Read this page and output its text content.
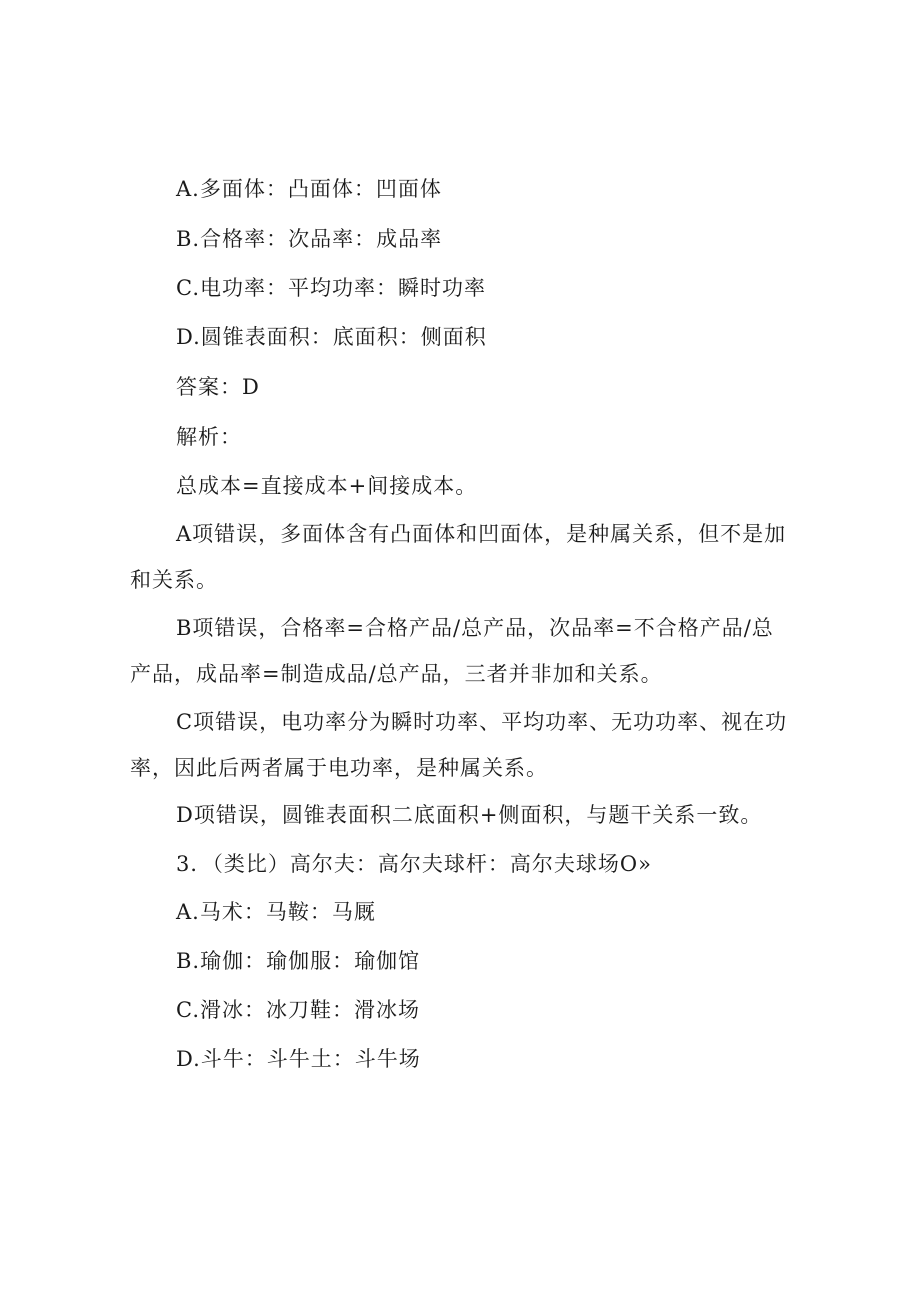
A.多面体：凸面体：凹面体
B.合格率：次品率：成品率
C.电功率：平均功率：瞬时功率
D.圆锥表面积：底面积：侧面积
答案：D
解析：
总成本=直接成本+间接成本。
A项错误，多面体含有凸面体和凹面体，是种属关系，但不是加和关系。
B项错误，合格率=合格产品/总产品，次品率=不合格产品/总产品，成品率=制造成品/总产品，三者并非加和关系。
C项错误，电功率分为瞬时功率、平均功率、无功功率、视在功率，因此后两者属于电功率，是种属关系。
D项错误，圆锥表面积二底面积+侧面积，与题干关系一致。
3．（类比）高尔夫：高尔夫球杆：高尔夫球场O»
A.马术：马鞍：马厩
B.瑜伽：瑜伽服：瑜伽馆
C.滑冰：冰刀鞋：滑冰场
D.斗牛：斗牛土：斗牛场
